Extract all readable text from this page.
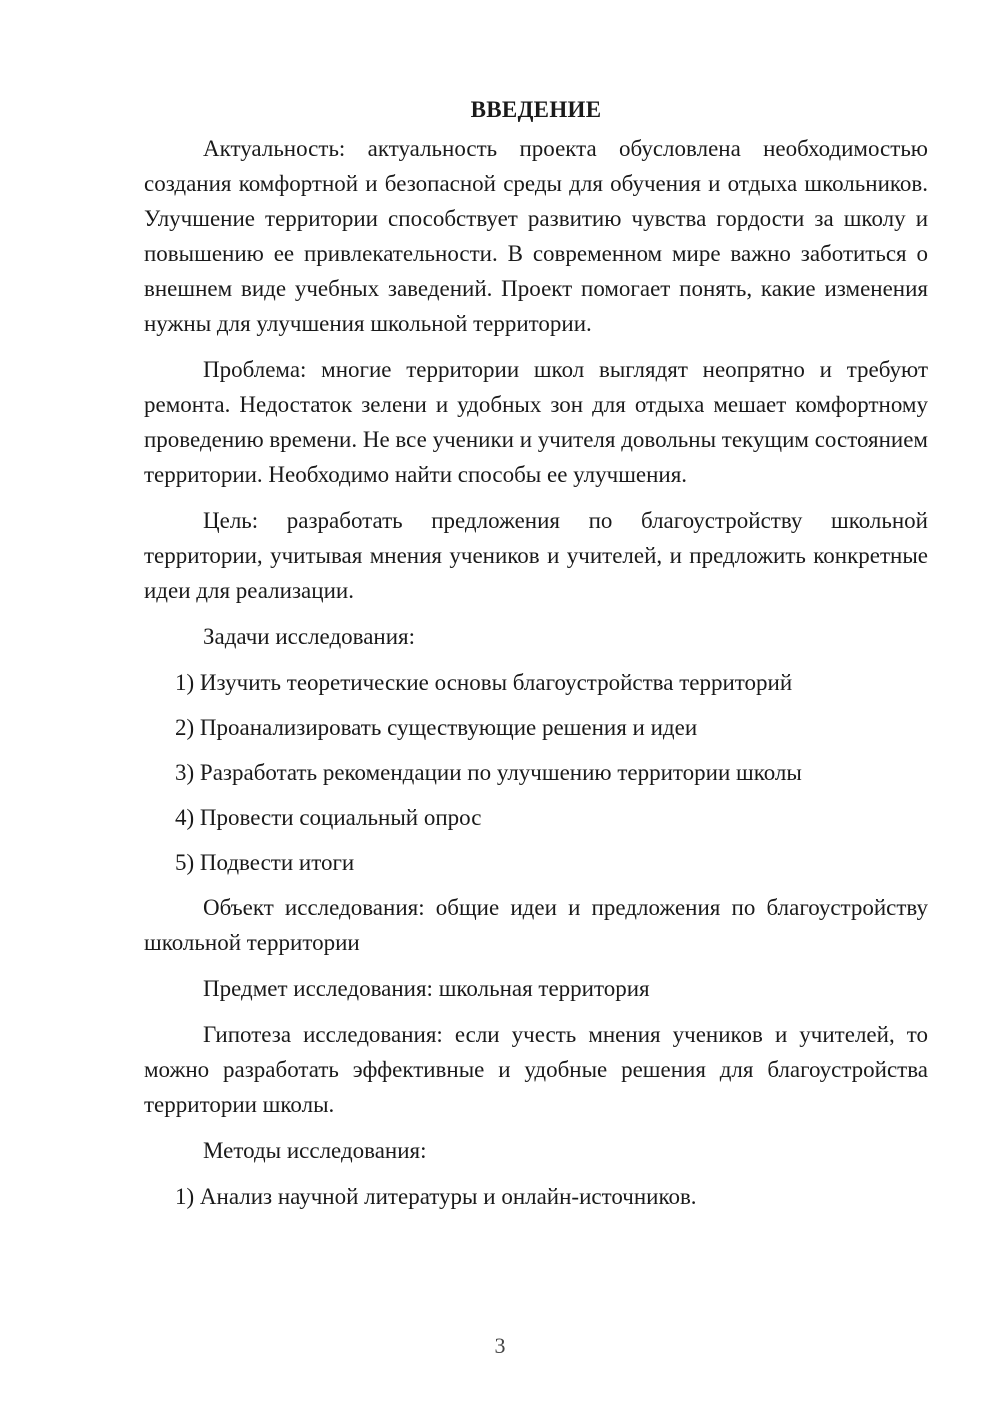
ВВЕДЕНИЕ

Актуальность: актуальность проекта обусловлена необходимостью создания комфортной и безопасной среды для обучения и отдыха школьников. Улучшение территории способствует развитию чувства гордости за школу и повышению ее привлекательности. В современном мире важно заботиться о внешнем виде учебных заведений. Проект помогает понять, какие изменения нужны для улучшения школьной территории.

Проблема: многие территории школ выглядят неопрятно и требуют ремонта. Недостаток зелени и удобных зон для отдыха мешает комфортному проведению времени. Не все ученики и учителя довольны текущим состоянием территории. Необходимо найти способы ее улучшения.

Цель: разработать предложения по благоустройству школьной территории, учитывая мнения учеников и учителей, и предложить конкретные идеи для реализации.

Задачи исследования:

1) Изучить теоретические основы благоустройства территорий
2) Проанализировать существующие решения и идеи
3) Разработать рекомендации по улучшению территории школы
4) Провести социальный опрос
5) Подвести итоги

Объект исследования: общие идеи и предложения по благоустройству школьной территории

Предмет исследования: школьная территория

Гипотеза исследования: если учесть мнения учеников и учителей, то можно разработать эффективные и удобные решения для благоустройства территории школы.

Методы исследования:

1) Анализ научной литературы и онлайн-источников.
3
